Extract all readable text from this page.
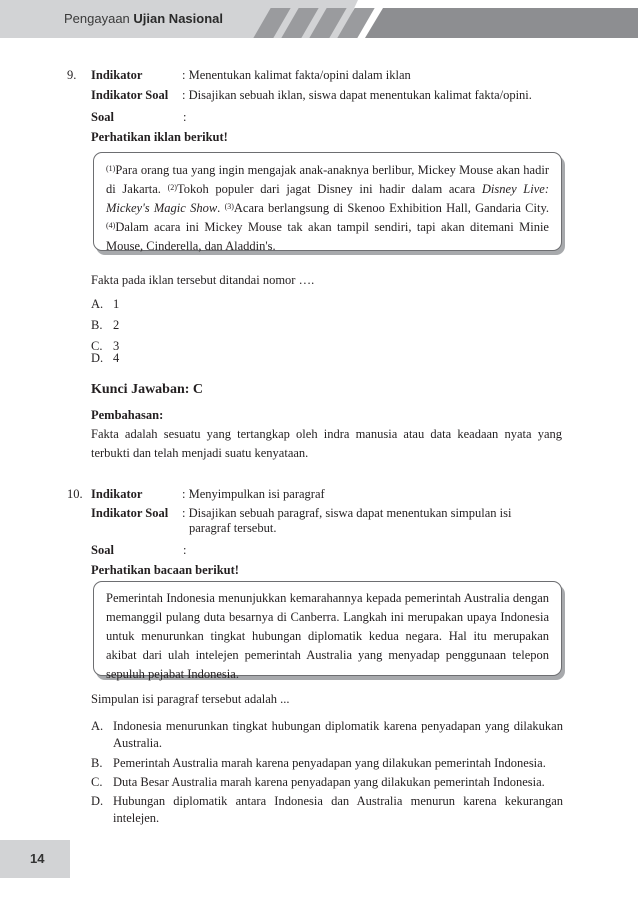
Pengayaan Ujian Nasional
9. Indikator	: Menentukan kalimat fakta/opini dalam iklan
Indikator Soal : Disajikan sebuah iklan, siswa dapat menentukan kalimat fakta/opini.
Soal	:
Perhatikan iklan berikut!
$^{(1)}$Para orang tua yang ingin mengajak anak-anaknya berlibur, Mickey Mouse akan hadir di Jakarta. $^{(2)}$Tokoh populer dari jagat Disney ini hadir dalam acara Disney Live: Mickey's Magic Show. $^{(3)}$Acara berlangsung di Skenoo Exhibition Hall, Gandaria City. $^{(4)}$Dalam acara ini Mickey Mouse tak akan tampil sendiri, tapi akan ditemani Minie Mouse, Cinderella, dan Aladdin's.
Fakta pada iklan tersebut ditandai nomor ….
A. 1
B. 2
C. 3
D. 4
Kunci Jawaban: C
Pembahasan:
Fakta adalah sesuatu yang tertangkap oleh indra manusia atau data keadaan nyata yang terbukti dan telah menjadi suatu kenyataan.
10. Indikator	: Menyimpulkan isi paragraf
Indikator Soal : Disajikan sebuah paragraf, siswa dapat menentukan simpulan isi
paragraf tersebut.
Soal	:
Perhatikan bacaan berikut!
Pemerintah Indonesia menunjukkan kemarahannya kepada pemerintah Australia dengan memanggil pulang duta besarnya di Canberra. Langkah ini merupakan upaya Indonesia untuk menurunkan tingkat hubungan diplomatik kedua negara. Hal itu merupakan akibat dari ulah intelejen pemerintah Australia yang menyadap penggunaan telepon sepuluh pejabat Indonesia.
Simpulan isi paragraf tersebut adalah ...
A. Indonesia menurunkan tingkat hubungan diplomatik karena penyadapan yang dilakukan Australia.
B. Pemerintah Australia marah karena penyadapan yang dilakukan pemerintah Indonesia.
C. Duta Besar Australia marah karena penyadapan yang dilakukan pemerintah Indonesia.
D. Hubungan diplomatik antara Indonesia dan Australia menurun karena kekurangan intelejen.
14
